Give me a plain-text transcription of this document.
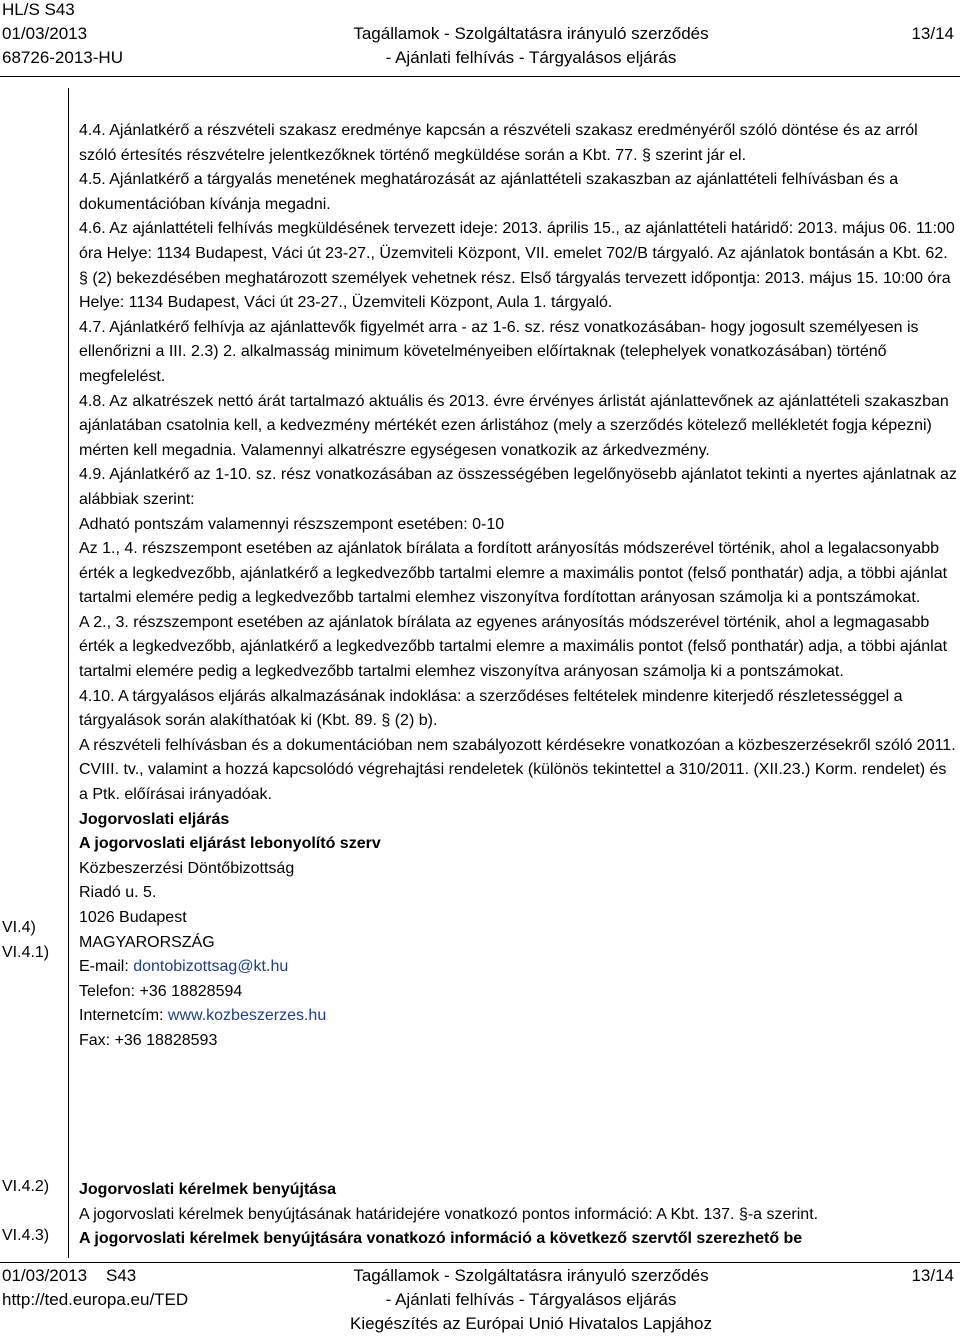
HL/S S43
01/03/2013
68726-2013-HU
Tagállamok - Szolgáltatásra irányuló szerződés
- Ajánlati felhívás - Tárgyalásos eljárás
13/14
VI.4)
VI.4.1)
VI.4.2)
VI.4.3)

4.4. Ajánlatkérő a részvételi szakasz eredménye kapcsán a részvételi szakasz eredményéről szóló döntése és az arról szóló értesítés részvételre jelentkezőknek történő megküldése során a Kbt. 77. § szerint jár el.

4.5. Ajánlatkérő a tárgyalás menetének meghatározását az ajánlattételi szakaszban az ajánlattételi felhívásban és a dokumentációban kívánja megadni.

4.6. Az ajánlattételi felhívás megküldésének tervezett ideje: 2013. április 15., az ajánlattételi határidő: 2013. május 06. 11:00 óra Helye: 1134 Budapest, Váci út 23-27., Üzemviteli Központ, VII. emelet 702/B tárgyaló. Az ajánlatok bontásán a Kbt. 62. § (2) bekezdésében meghatározott személyek vehetnek rész. Első tárgyalás tervezett időpontja: 2013. május 15. 10:00 óra Helye: 1134 Budapest, Váci út 23-27., Üzemviteli Központ, Aula 1. tárgyaló.

4.7. Ajánlatkérő felhívja az ajánlattevők figyelmét arra - az 1-6. sz. rész vonatkozásában- hogy jogosult személyesen is ellenőrizni a III. 2.3) 2. alkalmasság minimum követelményeiben előírtaknak (telephelyek vonatkozásában) történő megfelelést.

4.8. Az alkatrészek nettó árát tartalmazó aktuális és 2013. évre érvényes árlistát ajánlattevőnek az ajánlattételi szakaszban ajánlatában csatolnia kell, a kedvezmény mértékét ezen árlistához (mely a szerződés kötelező mellékletét fogja képezni) mérten kell megadnia. Valamennyi alkatrészre egységesen vonatkozik az árkedvezmény.

4.9. Ajánlatkérő az 1-10. sz. rész vonatkozásában az összességében legelőnyösebb ajánlatot tekinti a nyertes ajánlatnak az alábbiak szerint:

Adható pontszám valamennyi részszempont esetében: 0-10

Az 1., 4. részszempont esetében az ajánlatok bírálata a fordított arányosítás módszerével történik, ahol a legalacsonyabb érték a legkedvezőbb, ajánlatkérő a legkedvezőbb tartalmi elemre a maximális pontot (felső ponthatár) adja, a többi ajánlat tartalmi elemére pedig a legkedvezőbb tartalmi elemhez viszonyítva fordítottan arányosan számolja ki a pontszámokat.

A 2., 3. részszempont esetében az ajánlatok bírálata az egyenes arányosítás módszerével történik, ahol a legmagasabb érték a legkedvezőbb, ajánlatkérő a legkedvezőbb tartalmi elemre a maximális pontot (felső ponthatár) adja, a többi ajánlat tartalmi elemére pedig a legkedvezőbb tartalmi elemhez viszonyítva arányosan számolja ki a pontszámokat.

4.10. A tárgyalásos eljárás alkalmazásának indoklása: a szerződéses feltételek mindenre kiterjedő részletességgel a tárgyalások során alakíthatóak ki (Kbt. 89. § (2) b).

A részvételi felhívásban és a dokumentációban nem szabályozott kérdésekre vonatkozóan a közbeszerzésekről szóló 2011. CVIII. tv., valamint a hozzá kapcsolódó végrehajtási rendeletek (különös tekintettel a 310/2011. (XII.23.) Korm. rendelet) és a Ptk. előírásai irányadóak.

Jogorvoslati eljárás

A jogorvoslati eljárást lebonyolító szerv

Közbeszerzési Döntőbizottság

Riadó u. 5.

1026 Budapest

MAGYARORSZÁG

E-mail: dontobizottsag@kt.hu

Telefon: +36 18828594

Internetcím: www.kozbeszerzes.hu

Fax: +36 18828593

Jogorvoslati kérelmek benyújtása

A jogorvoslati kérelmek benyújtásának határidejére vonatkozó pontos információ: A Kbt. 137. §-a szerint.

A jogorvoslati kérelmek benyújtására vonatkozó információ a következő szervtől szerezhető be

01/03/2013    S43
http://ted.europa.eu/TED
Tagállamok - Szolgáltatásra irányuló szerződés
- Ajánlati felhívás - Tárgyalásos eljárás
Kiegészítés az Európai Unió Hivatalos Lapjához
13/14
